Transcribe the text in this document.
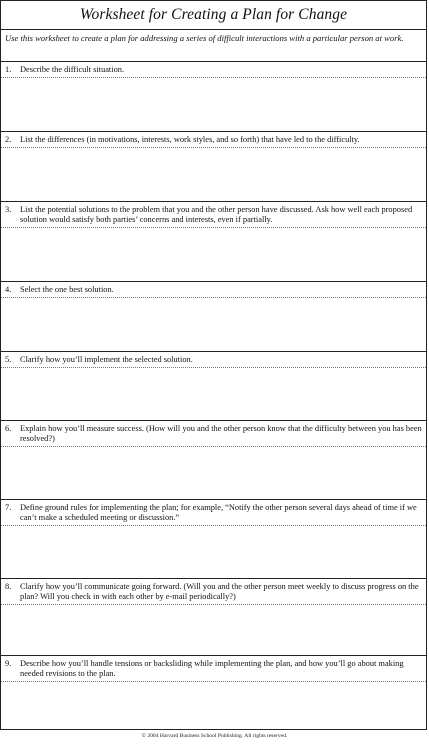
Worksheet for Creating a Plan for Change
Use this worksheet to create a plan for addressing a series of difficult interactions with a particular person at work.
1.	Describe the difficult situation.
2.	List the differences (in motivations, interests, work styles, and so forth) that have led to the difficulty.
3.	List the potential solutions to the problem that you and the other person have discussed. Ask how well each proposed solution would satisfy both parties’ concerns and interests, even if partially.
4.	Select the one best solution.
5.	Clarify how you’ll implement the selected solution.
6.	Explain how you’ll measure success. (How will you and the other person know that the difficulty between you has been resolved?)
7.	Define ground rules for implementing the plan; for example, “Notify the other person several days ahead of time if we can’t make a scheduled meeting or discussion.”
8.	Clarify how you’ll communicate going forward. (Will you and the other person meet weekly to discuss progress on the plan? Will you check in with each other by e-mail periodically?)
9.	Describe how you’ll handle tensions or backsliding while implementing the plan, and how you’ll go about making needed revisions to the plan.
© 2004 Harvard Business School Publishing. All rights reserved.
